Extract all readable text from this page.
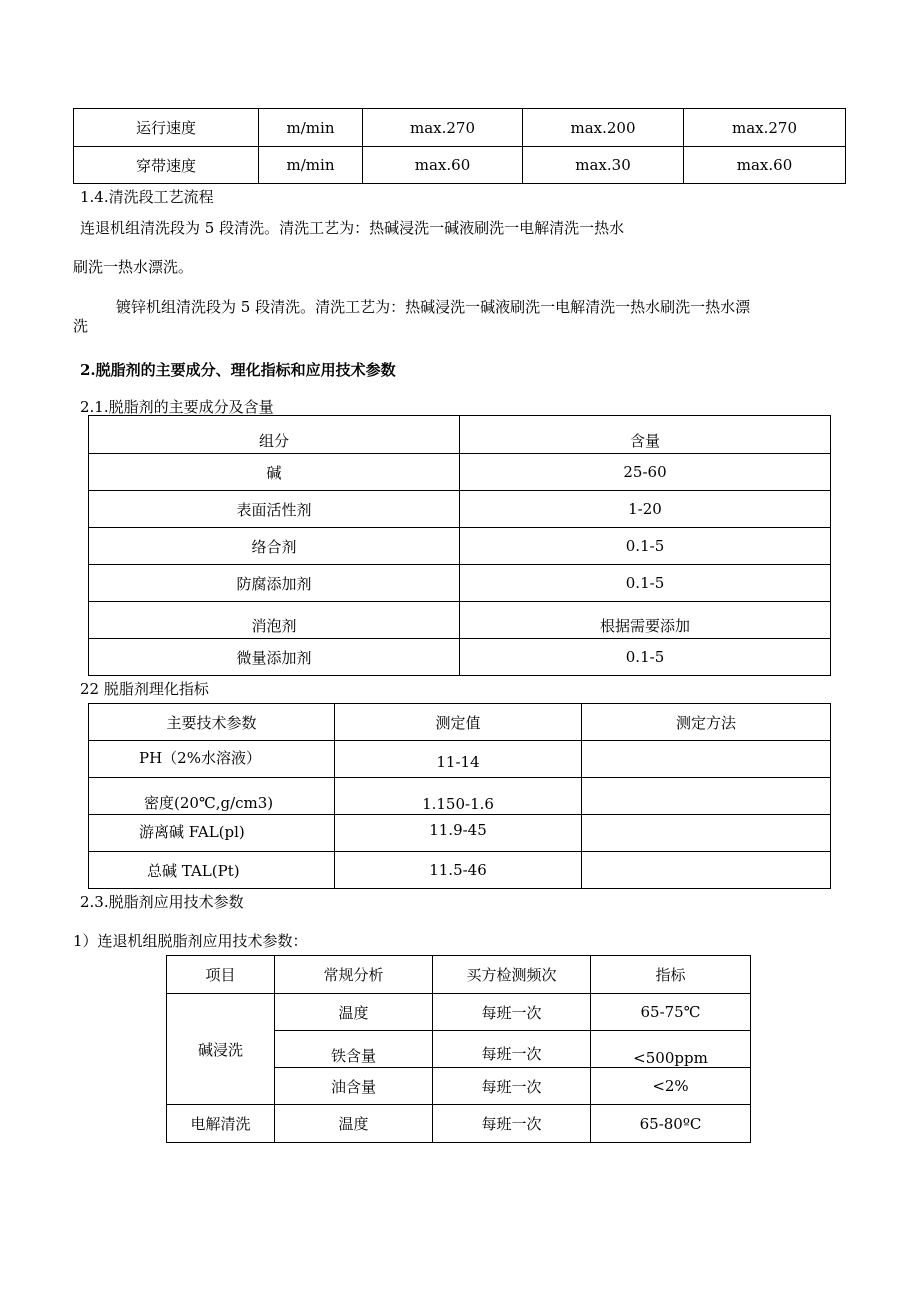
运行速度	m/min	max.270	max.200	max.270
穿带速度	m/min	max.60	max.30	max.60
1.4.清洗段工艺流程
连退机组清洗段为 5 段清洗。清洗工艺为：热碱浸洗一碱液刷洗一电解清洗一热水
刷洗一热水漂洗。
镀锌机组清洗段为 5 段清洗。清洗工艺为：热碱浸洗一碱液刷洗一电解清洗一热水刷洗一热水漂
洗
2.脱脂剂的主要成分、理化指标和应用技术参数
2.1.脱脂剂的主要成分及含量
组分	含量
碱	25-60
表面活性剂	1-20
络合剂	0.1-5
防腐添加剂	0.1-5
消泡剂	根据需要添加
微量添加剂	0.1-5
22 脱脂剂理化指标
主要技术参数	测定值	测定方法
PH（2%水溶液）	11-14	
密度(20℃,g/cm3)	1.150-1.6	
游离碱 FAL(pl)	11.9-45	
总碱 TAL(Pt)	11.5-46	
2.3.脱脂剂应用技术参数
1）连退机组脱脂剂应用技术参数：
项目	常规分析	买方检测频次	指标
碱浸洗	温度	每班一次	65-75℃
	铁含量	每班一次	<500ppm
	油含量	每班一次	<2%
电解清洗	温度	每班一次	65-80ºC
